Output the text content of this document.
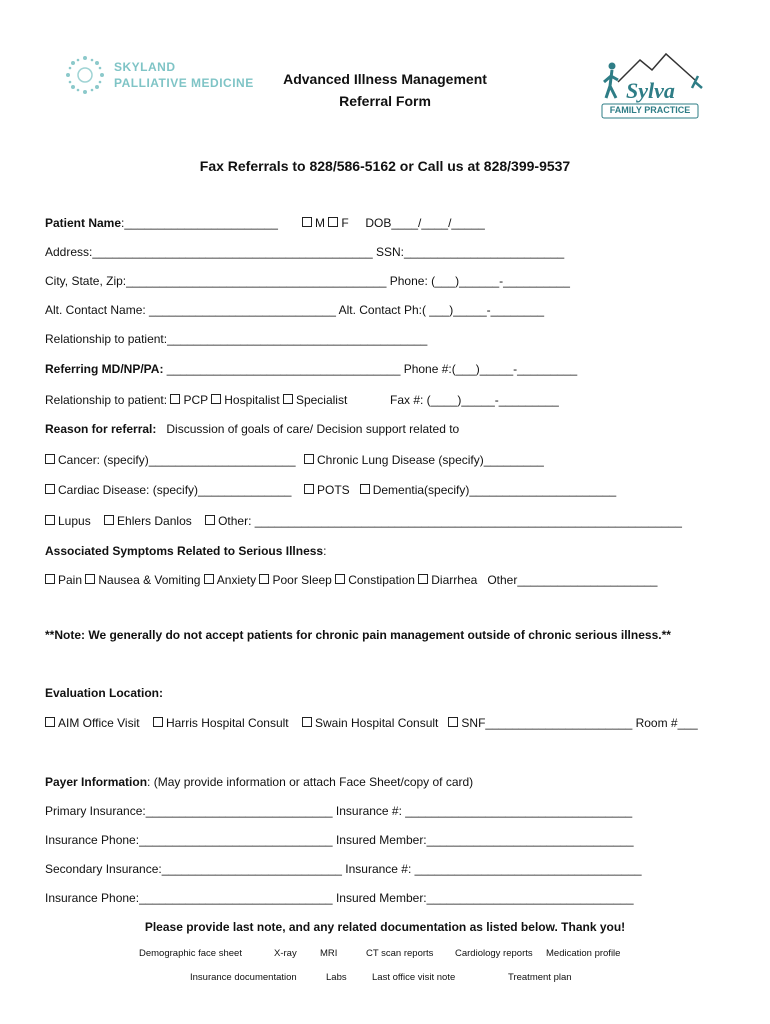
SKYLAND
PALLIATIVE MEDICINE	Sylva
FAMILY PRACTICE
Advanced Illness Management
Referral Form
Fax Referrals to 828/586-5162 or Call us at 828/399-9537
Patient Name:_______________________	M F DOB____/____/_____
Address:__________________________________________ SSN:________________________
City, State, Zip:_______________________________________ Phone: (___)______-__________
Alt. Contact Name: ____________________________ Alt. Contact Ph:( ___)_____-________
Relationship to patient:_______________________________________
Referring MD/NP/PA: ___________________________________ Phone #:(___)_____-_________
Relationship to patient: PCP Hospitalist Specialist	Fax #: (____)_____-_________
Reason for referral: Discussion of goals of care/ Decision support related to
Cancer: (specify)______________________	Chronic Lung Disease (specify)_________
Cardiac Disease: (specify)______________	POTS Dementia(specify)______________________
Lupus Ehlers Danlos Other: ________________________________________________________________
Associated Symptoms Related to Serious Illness:
Pain Nausea & Vomiting Anxiety Poor Sleep Constipation Diarrhea Other_____________________
**Note: We generally do not accept patients for chronic pain management outside of chronic serious illness.**
Evaluation Location:
AIM Office Visit Harris Hospital Consult Swain Hospital Consult SNF______________________ Room #___
Payer Information: (May provide information or attach Face Sheet/copy of card)
Primary Insurance:____________________________ Insurance #: __________________________________
Insurance Phone:_____________________________ Insured Member:_______________________________
Secondary Insurance:___________________________ Insurance #: __________________________________
Insurance Phone:_____________________________ Insured Member:_______________________________
Please provide last note, and any related documentation as listed below. Thank you!
Demographic face sheet	X-ray MRI	CT scan reports Cardiology reports Medication profile
Insurance documentation	Labs	Last office visit note	Treatment plan
